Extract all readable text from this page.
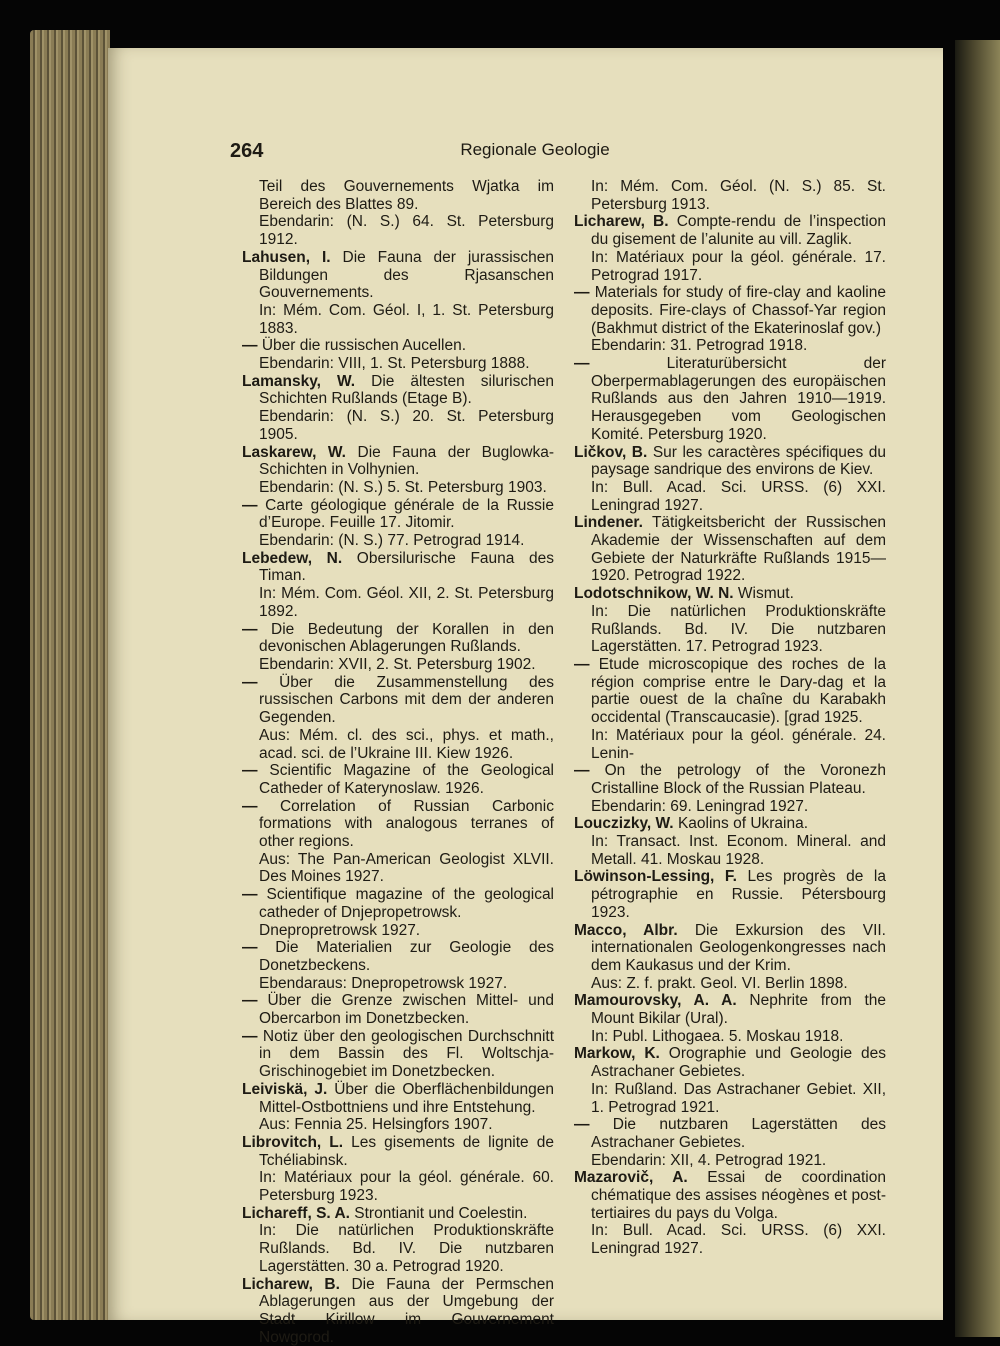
264	Regionale Geologie

Teil des Gouvernements Wjatka im Bereich des Blattes 89.

Ebendarin: (N. S.) 64. St. Petersburg 1912.

Lahusen, I. Die Fauna der jurassischen Bildungen des Rjasanschen Gouvernements.

In: Mém. Com. Géol. I, 1. St. Petersburg 1883.

— Über die russischen Aucellen.

Ebendarin: VIII, 1. St. Petersburg 1888.

Lamansky, W. Die ältesten silurischen Schichten Rußlands (Etage B).

Ebendarin: (N. S.) 20. St. Petersburg 1905.

Laskarew, W. Die Fauna der Buglowka-Schichten in Volhynien.

Ebendarin: (N. S.) 5. St. Petersburg 1903.

— Carte géologique générale de la Russie d’Europe. Feuille 17. Jitomir.

Ebendarin: (N. S.) 77. Petrograd 1914.

Lebedew, N. Obersilurische Fauna des Timan.

In: Mém. Com. Géol. XII, 2. St. Petersburg 1892.

— Die Bedeutung der Korallen in den devonischen Ablagerungen Rußlands.

Ebendarin: XVII, 2. St. Petersburg 1902.

— Über die Zusammenstellung des russischen Carbons mit dem der anderen Gegenden.

Aus: Mém. cl. des sci., phys. et math., acad. sci. de l’Ukraine III. Kiew 1926.

— Scientific Magazine of the Geological Catheder of Katerynoslaw. 1926.

— Correlation of Russian Carbonic formations with analogous terranes of other regions.

Aus: The Pan-American Geologist XLVII. Des Moines 1927.

— Scientifique magazine of the geological catheder of Dnjepropetrowsk.

Dnepropretrowsk 1927.

— Die Materialien zur Geologie des Donetzbeckens.

Ebendaraus: Dnepropetrowsk 1927.

— Über die Grenze zwischen Mittel- und Obercarbon im Donetzbecken.

— Notiz über den geologischen Durchschnitt in dem Bassin des Fl. Woltschja-Grischinogebiet im Donetzbecken.

Leiviskä, J. Über die Oberflächenbildungen Mittel-Ostbottniens und ihre Entstehung.

Aus: Fennia 25. Helsingfors 1907.

Librovitch, L. Les gisements de lignite de Tchéliabinsk.

In: Matériaux pour la géol. générale. 60. Petersburg 1923.

Lichareff, S. A. Strontianit und Coelestin.

In: Die natürlichen Produktionskräfte Rußlands. Bd. IV. Die nutzbaren Lagerstätten. 30 a. Petrograd 1920.

Licharew, B. Die Fauna der Permschen Ablagerungen aus der Umgebung der Stadt Kirillow im Gouvernement Nowgorod.

In: Mém. Com. Géol. (N. S.) 85. St. Petersburg 1913.

Licharew, B. Compte-rendu de l’inspection du gisement de l’alunite au vill. Zaglik.

In: Matériaux pour la géol. générale. 17. Petrograd 1917.

— Materials for study of fire-clay and kaoline deposits. Fire-clays of Chassof-Yar region (Bakhmut district of the Ekaterinoslaf gov.)

Ebendarin: 31. Petrograd 1918.

—	Literaturübersicht der Oberpermablagerungen des europäischen Rußlands aus den Jahren 1910—1919. Herausgegeben vom Geologischen Komité. Petersburg 1920.

Ličkov, B. Sur les caractères spécifiques du paysage sandrique des environs de Kiev.

In: Bull. Acad. Sci. URSS. (6) XXI. Leningrad 1927.

Lindener. Tätigkeitsbericht der Russischen Akademie der Wissenschaften auf dem Gebiete der Naturkräfte Rußlands 1915—1920. Petrograd 1922.

Lodotschnikow, W. N. Wismut.

In: Die natürlichen Produktionskräfte Rußlands. Bd. IV. Die nutzbaren Lagerstätten. 17. Petrograd 1923.

— Etude microscopique des roches de la région comprise entre le Dary-dag et la partie ouest de la chaîne du Karabakh occidental (Transcaucasie). [grad 1925.

In: Matériaux pour la géol. générale. 24. Lenin-

— On the petrology of the Voronezh Cristalline Block of the Russian Plateau.

Ebendarin: 69. Leningrad 1927.

Louczizky, W. Kaolins of Ukraina.

In: Transact. Inst. Econom. Mineral. and Metall. 41. Moskau 1928.

Löwinson-Lessing, F. Les progrès de la pétrographie en Russie. Pétersbourg 1923.

Macco, Albr. Die Exkursion des VII. internationalen Geologenkongresses nach dem Kaukasus und der Krim.

Aus: Z. f. prakt. Geol. VI. Berlin 1898.

Mamourovsky, A. A. Nephrite from the Mount Bikilar (Ural).

In: Publ. Lithogaea. 5. Moskau 1918.

Markow, K. Orographie und Geologie des Astrachaner Gebietes.

In: Rußland. Das Astrachaner Gebiet. XII, 1. Petrograd 1921.

— Die nutzbaren Lagerstätten des Astrachaner Gebietes.

Ebendarin: XII, 4. Petrograd 1921.

Mazarovič, A. Essai de coordination chématique des assises néogènes et post-tertiaires du pays du Volga.

In: Bull. Acad. Sci. URSS. (6) XXI. Leningrad 1927.
